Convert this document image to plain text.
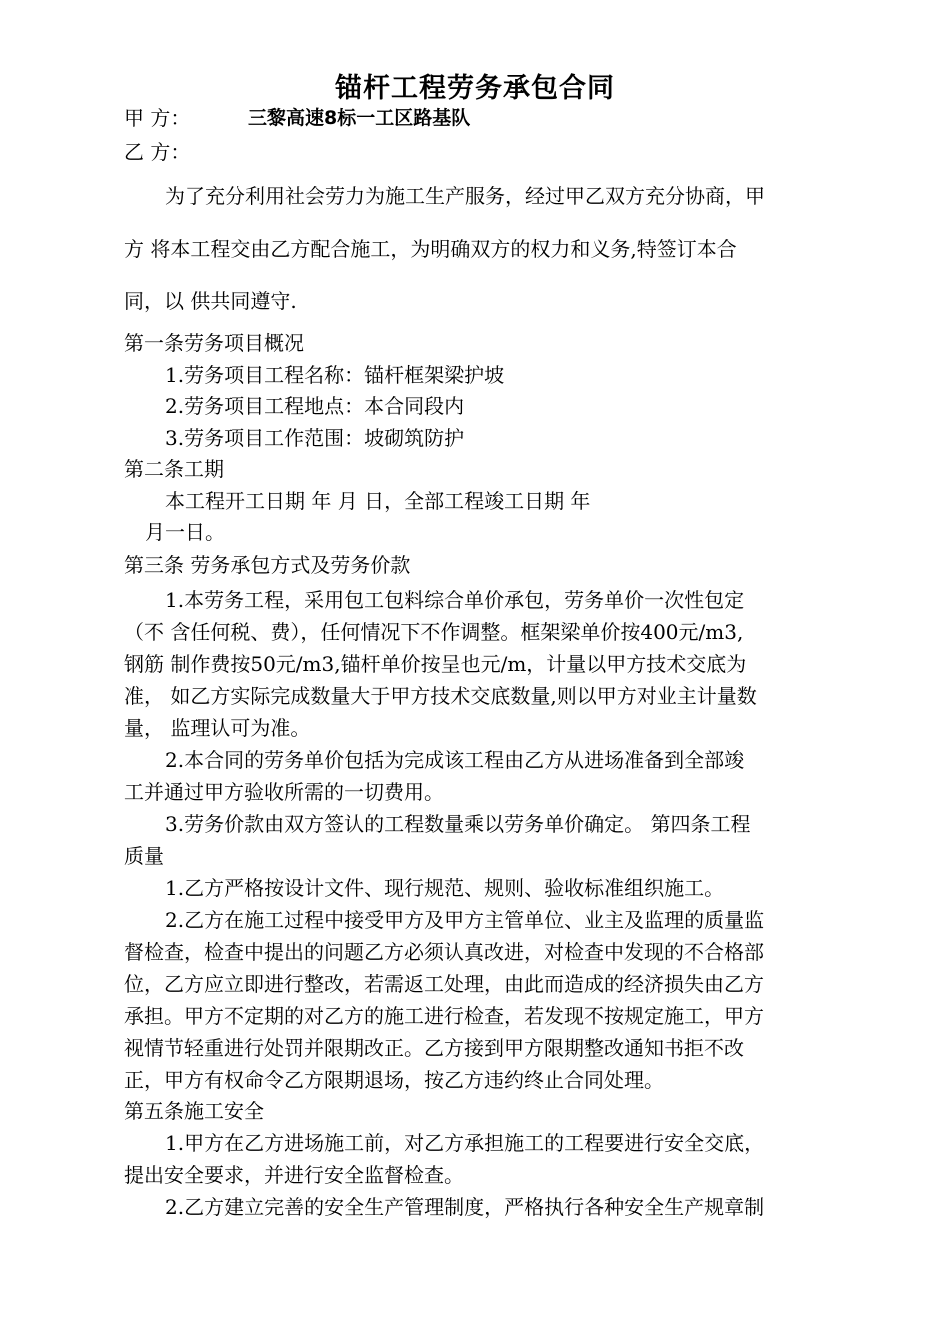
锚杆工程劳务承包合同
甲 方：	三黎高速8标一工区路基队
乙 方：
为了充分利用社会劳力为施工生产服务，经过甲乙双方充分协商，甲
方 将本工程交由乙方配合施工，为明确双方的权力和义务,特签订本合
同，以 供共同遵守.
第一条劳务项目概况
1.劳务项目工程名称：锚杆框架梁护坡
2.劳务项目工程地点：本合同段内
3.劳务项目工作范围：坡砌筑防护
第二条工期
本工程开工日期 年 月 日，全部工程竣工日期 年
月一日。
第三条 劳务承包方式及劳务价款
1.本劳务工程，采用包工包料综合单价承包，劳务单价一次性包定
（不 含任何税、费），任何情况下不作调整。框架梁单价按400元/m3,
钢筋 制作费按50元/m3,锚杆单价按呈也元/m，计量以甲方技术交底为
准， 如乙方实际完成数量大于甲方技术交底数量,则以甲方对业主计量数
量， 监理认可为准。
2.本合同的劳务单价包括为完成该工程由乙方从进场准备到全部竣
工并通过甲方验收所需的一切费用。
3.劳务价款由双方签认的工程数量乘以劳务单价确定。 第四条工程
质量
1.乙方严格按设计文件、现行规范、规则、验收标准组织施工。
2.乙方在施工过程中接受甲方及甲方主管单位、业主及监理的质量监
督检查，检查中提出的问题乙方必须认真改进，对检查中发现的不合格部
位，乙方应立即进行整改，若需返工处理，由此而造成的经济损失由乙方
承担。甲方不定期的对乙方的施工进行检查，若发现不按规定施工，甲方
视情节轻重进行处罚并限期改正。乙方接到甲方限期整改通知书拒不改
正，甲方有权命令乙方限期退场，按乙方违约终止合同处理。
第五条施工安全
1.甲方在乙方进场施工前，对乙方承担施工的工程要进行安全交底，
提出安全要求，并进行安全监督检查。
2.乙方建立完善的安全生产管理制度，严格执行各种安全生产规章制
